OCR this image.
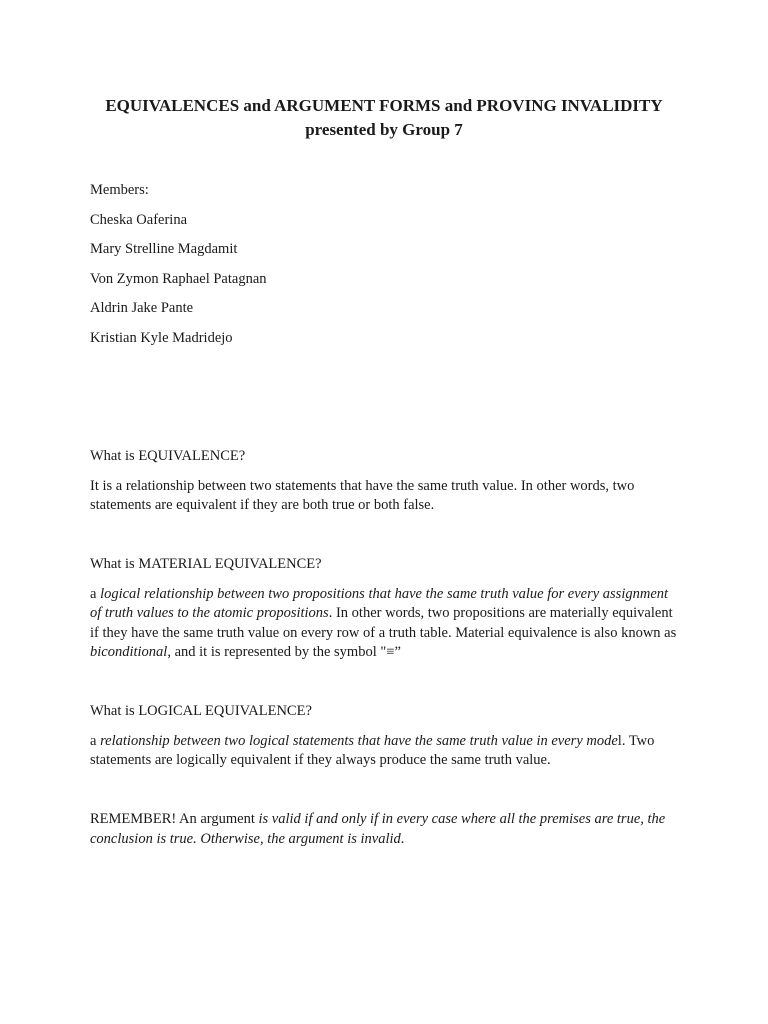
EQUIVALENCES and ARGUMENT FORMS and PROVING INVALIDITY
presented by Group 7
Members:
Cheska Oaferina
Mary Strelline Magdamit
Von Zymon Raphael Patagnan
Aldrin Jake Pante
Kristian Kyle Madridejo
What is EQUIVALENCE?
It is a relationship between two statements that have the same truth value. In other words, two statements are equivalent if they are both true or both false.
What is MATERIAL EQUIVALENCE?

a logical relationship between two propositions that have the same truth value for every assignment of truth values to the atomic propositions. In other words, two propositions are materially equivalent if they have the same truth value on every row of a truth table. Material equivalence is also known as biconditional, and it is represented by the symbol "≡”

What is LOGICAL EQUIVALENCE?

a relationship between two logical statements that have the same truth value in every model. Two statements are logically equivalent if they always produce the same truth value.

REMEMBER! An argument is valid if and only if in every case where all the premises are true, the conclusion is true. Otherwise, the argument is invalid.
